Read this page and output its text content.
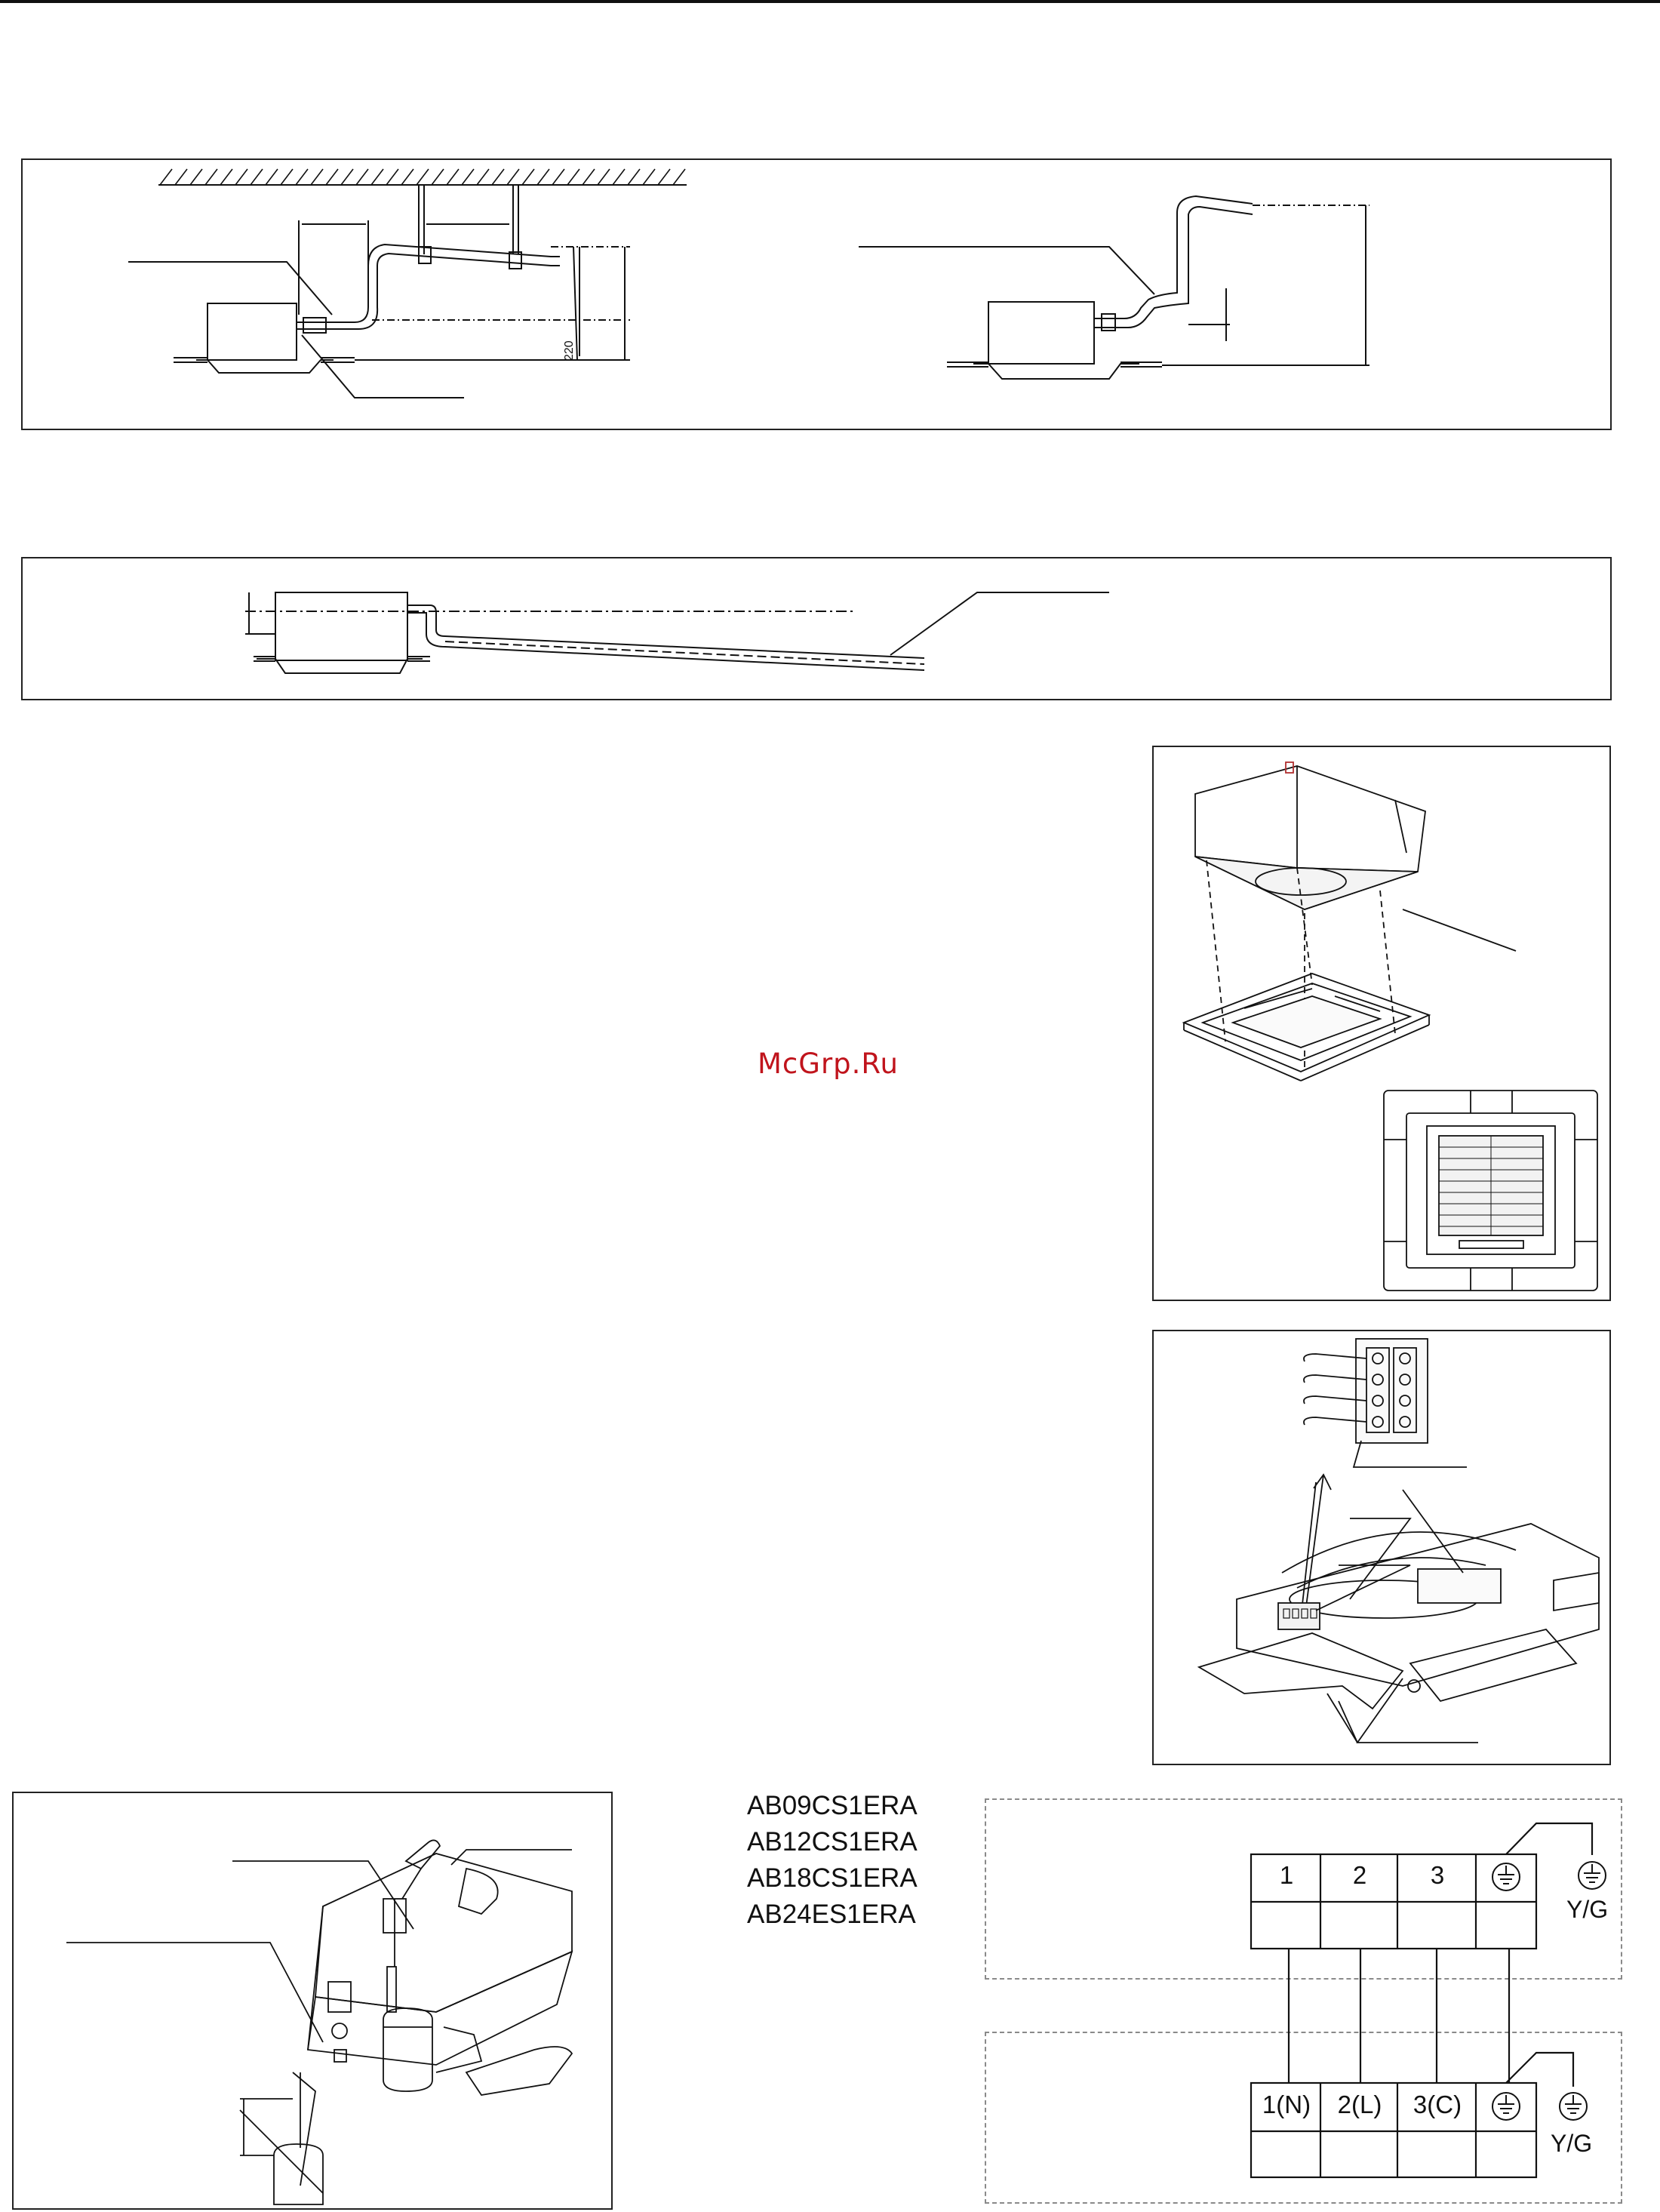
220
McGrp.Ru
AB09CS1ERA
AB12CS1ERA
AB18CS1ERA
AB24ES1ERA
1	2	3
Y/G
1(N)	2(L)	3(C)
Y/G
